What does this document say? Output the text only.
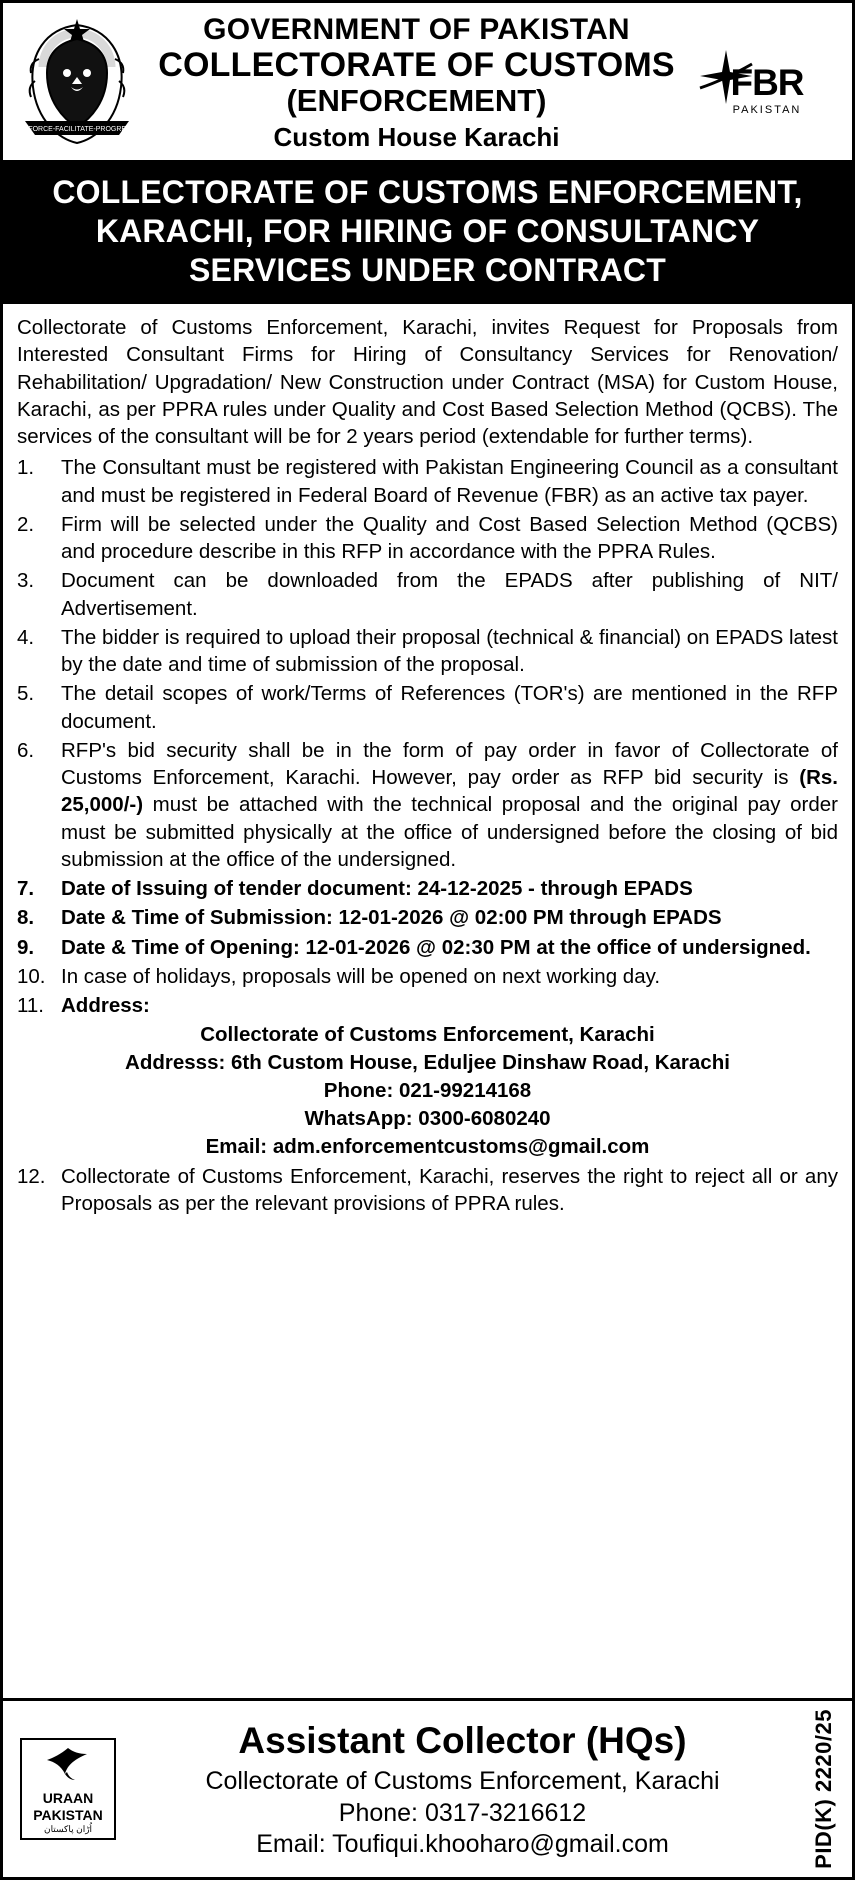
ENFORCE-FACILITATE-PROGRESS
GOVERNMENT OF PAKISTAN
COLLECTORATE OF CUSTOMS
(ENFORCEMENT)
Custom House Karachi
FBR
PAKISTAN
COLLECTORATE OF CUSTOMS ENFORCEMENT, KARACHI, FOR HIRING OF CONSULTANCY SERVICES UNDER CONTRACT
Collectorate of Customs Enforcement, Karachi, invites Request for Proposals from Interested Consultant Firms for Hiring of Consultancy Services for Renovation/ Rehabilitation/ Upgradation/ New Construction under Contract (MSA) for Custom House, Karachi, as per PPRA rules under Quality and Cost Based Selection Method (QCBS). The services of the consultant will be for 2 years period (extendable for further terms).
1.	The Consultant must be registered with Pakistan Engineering Council as a consultant and must be registered in Federal Board of Revenue (FBR) as an active tax payer.
2.	Firm will be selected under the Quality and Cost Based Selection Method (QCBS) and procedure describe in this RFP in accordance with the PPRA Rules.
3.	Document can be downloaded from the EPADS after publishing of NIT/ Advertisement.
4.	The bidder is required to upload their proposal (technical & financial) on EPADS latest by the date and time of submission of the proposal.
5.	The detail scopes of work/Terms of References (TOR's) are mentioned in the RFP document.
6.	RFP's bid security shall be in the form of pay order in favor of Collectorate of Customs Enforcement, Karachi. However, pay order as RFP bid security is (Rs. 25,000/-) must be attached with the technical proposal and the original pay order must be submitted physically at the office of undersigned before the closing of bid submission at the office of the undersigned.
7.	Date of Issuing of tender document: 24-12-2025 - through EPADS
8.	Date & Time of Submission: 12-01-2026 @ 02:00 PM through EPADS
9.	Date & Time of Opening: 12-01-2026 @ 02:30 PM at the office of undersigned.
10. In case of holidays, proposals will be opened on next working day.
11. Address:
Collectorate of Customs Enforcement, Karachi
Addresss: 6th Custom House, Eduljee Dinshaw Road, Karachi
Phone: 021-99214168
WhatsApp: 0300-6080240
Email: adm.enforcementcustoms@gmail.com
12. Collectorate of Customs Enforcement, Karachi, reserves the right to reject all or any Proposals as per the relevant provisions of PPRA rules.
URAAN
PAKISTAN
اُڑان پاکستان
Assistant Collector (HQs)
Collectorate of Customs Enforcement, Karachi
Phone: 0317-3216612
Email: Toufiqui.khooharo@gmail.com	PID(K) 2220/25
